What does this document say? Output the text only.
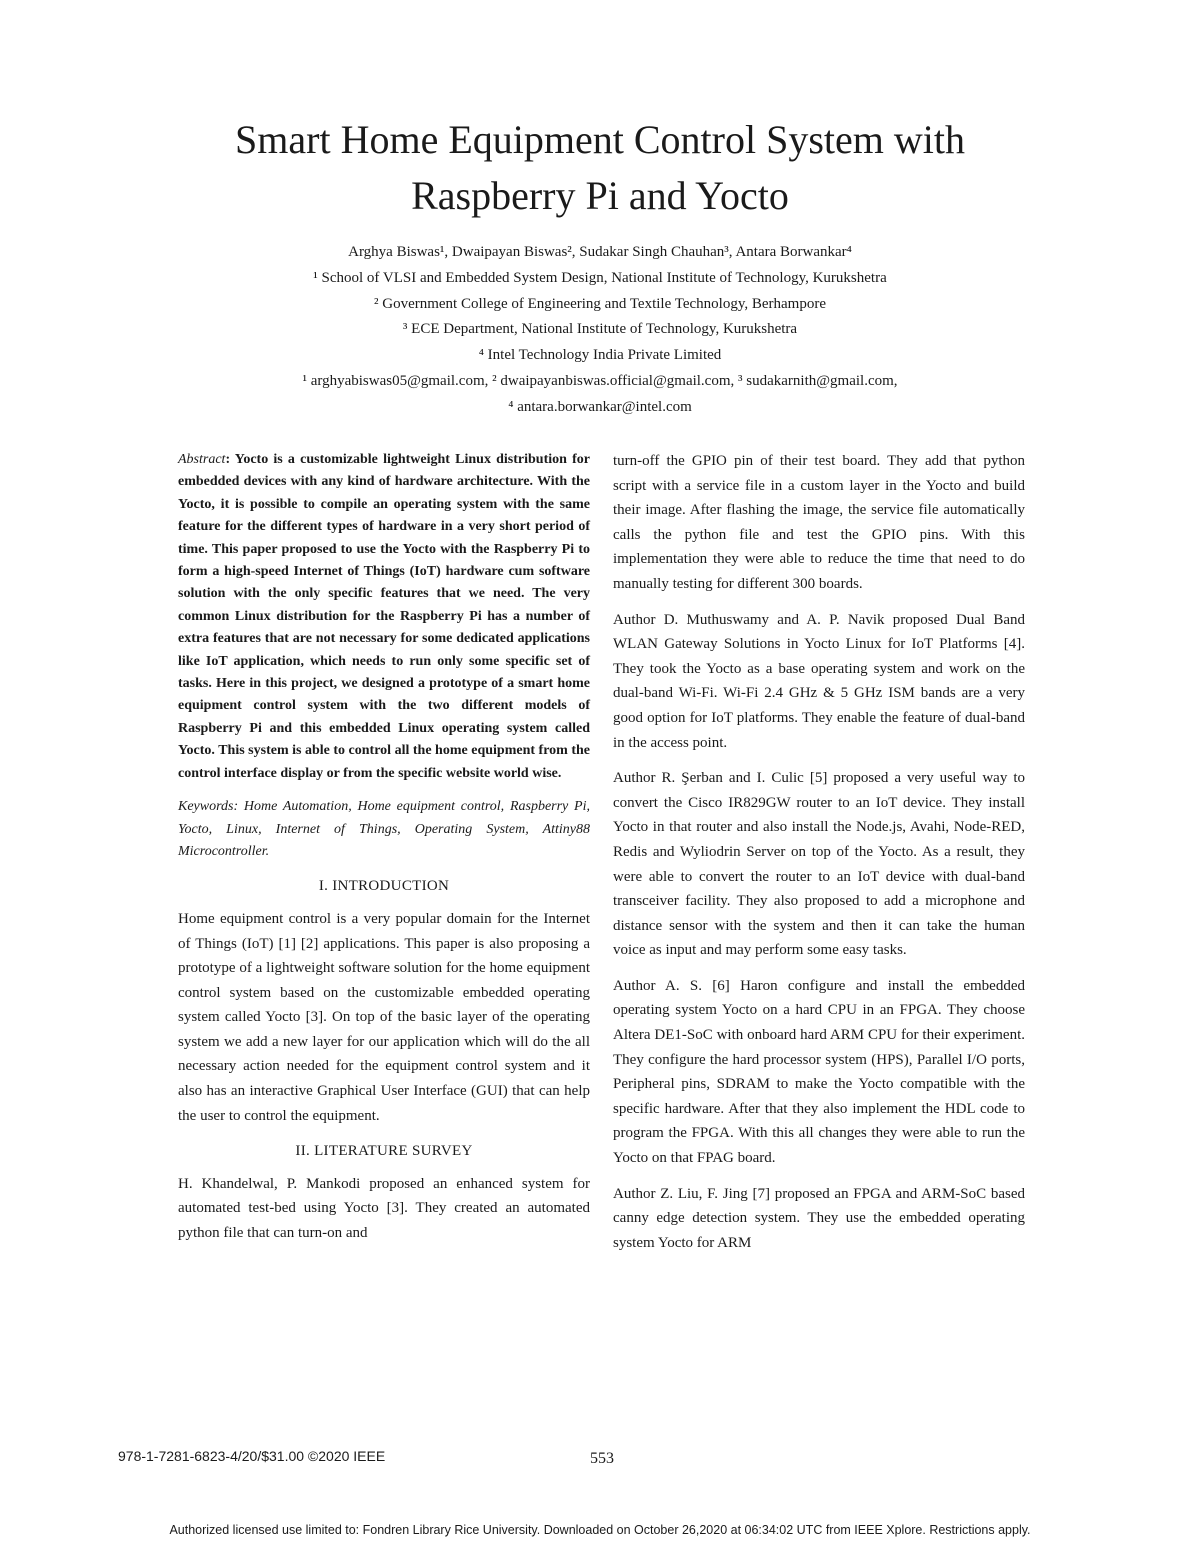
Smart Home Equipment Control System with
Raspberry Pi and Yocto
Arghya Biswas¹, Dwaipayan Biswas², Sudakar Singh Chauhan³, Antara Borwankar⁴
¹ School of VLSI and Embedded System Design, National Institute of Technology, Kurukshetra
² Government College of Engineering and Textile Technology, Berhampore
³ ECE Department, National Institute of Technology, Kurukshetra
⁴ Intel Technology India Private Limited
¹ arghyabiswas05@gmail.com, ² dwaipayanbiswas.official@gmail.com, ³ sudakarnith@gmail.com,
⁴ antara.borwankar@intel.com

Abstract: Yocto is a customizable lightweight Linux distribution for embedded devices with any kind of hardware architecture. With the Yocto, it is possible to compile an operating system with the same feature for the different types of hardware in a very short period of time. This paper proposed to use the Yocto with the Raspberry Pi to form a high-speed Internet of Things (IoT) hardware cum software solution with the only specific features that we need. The very common Linux distribution for the Raspberry Pi has a number of extra features that are not necessary for some dedicated applications like IoT application, which needs to run only some specific set of tasks. Here in this project, we designed a prototype of a smart home equipment control system with the two different models of Raspberry Pi and this embedded Linux operating system called Yocto. This system is able to control all the home equipment from the control interface display or from the specific website world wise.

Keywords: Home Automation, Home equipment control, Raspberry Pi, Yocto, Linux, Internet of Things, Operating System, Attiny88 Microcontroller.

I. INTRODUCTION

Home equipment control is a very popular domain for the Internet of Things (IoT) [1] [2] applications. This paper is also proposing a prototype of a lightweight software solution for the home equipment control system based on the customizable embedded operating system called Yocto [3]. On top of the basic layer of the operating system we add a new layer for our application which will do the all necessary action needed for the equipment control system and it also has an interactive Graphical User Interface (GUI) that can help the user to control the equipment.

II. LITERATURE SURVEY

H. Khandelwal, P. Mankodi proposed an enhanced system for automated test-bed using Yocto [3]. They created an automated python file that can turn-on and

turn-off the GPIO pin of their test board. They add that python script with a service file in a custom layer in the Yocto and build their image. After flashing the image, the service file automatically calls the python file and test the GPIO pins. With this implementation they were able to reduce the time that need to do manually testing for different 300 boards.

Author D. Muthuswamy and A. P. Navik proposed Dual Band WLAN Gateway Solutions in Yocto Linux for IoT Platforms [4]. They took the Yocto as a base operating system and work on the dual-band Wi-Fi. Wi-Fi 2.4 GHz & 5 GHz ISM bands are a very good option for IoT platforms. They enable the feature of dual-band in the access point.

Author R. Şerban and I. Culic [5] proposed a very useful way to convert the Cisco IR829GW router to an IoT device. They install Yocto in that router and also install the Node.js, Avahi, Node-RED, Redis and Wyliodrin Server on top of the Yocto. As a result, they were able to convert the router to an IoT device with dual-band transceiver facility. They also proposed to add a microphone and distance sensor with the system and then it can take the human voice as input and may perform some easy tasks.

Author A. S. [6] Haron configure and install the embedded operating system Yocto on a hard CPU in an FPGA. They choose Altera DE1-SoC with onboard hard ARM CPU for their experiment. They configure the hard processor system (HPS), Parallel I/O ports, Peripheral pins, SDRAM to make the Yocto compatible with the specific hardware. After that they also implement the HDL code to program the FPGA. With this all changes they were able to run the Yocto on that FPAG board.

Author Z. Liu, F. Jing [7] proposed an FPGA and ARM-SoC based canny edge detection system. They use the embedded operating system Yocto for ARM

978-1-7281-6823-4/20/$31.00 ©2020 IEEE	553
Authorized licensed use limited to: Fondren Library Rice University. Downloaded on October 26,2020 at 06:34:02 UTC from IEEE Xplore. Restrictions apply.
